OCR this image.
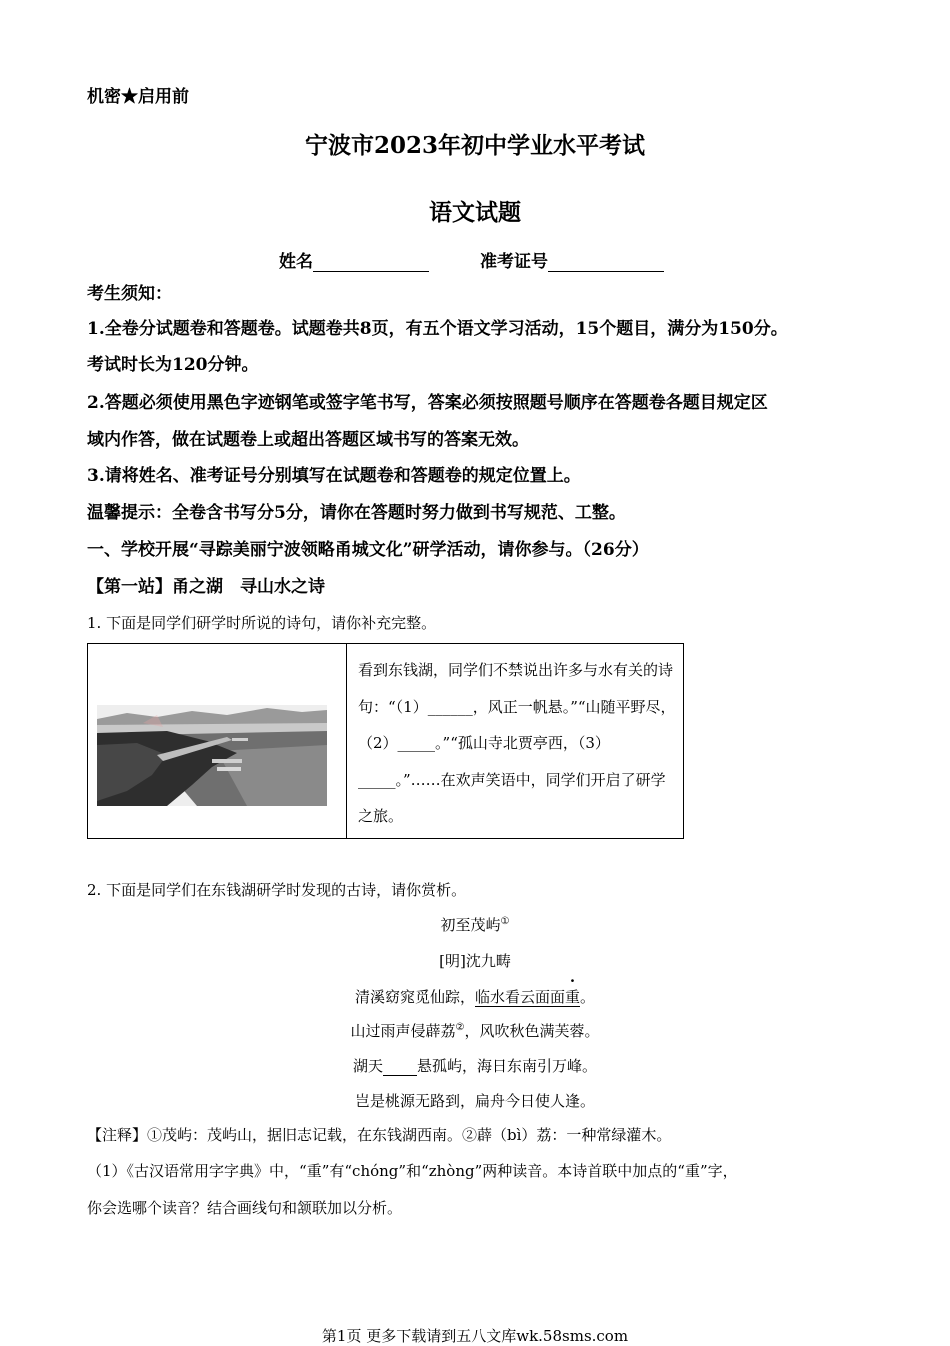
机密★启用前
宁波市2023年初中学业水平考试
语文试题
姓名	准考证号
考生须知：
1.全卷分试题卷和答题卷。试题卷共8页，有五个语文学习活动，15个题目，满分为150分。
考试时长为120分钟。
2.答题必须使用黑色字迹钢笔或签字笔书写，答案必须按照题号顺序在答题卷各题目规定区
域内作答，做在试题卷上或超出答题区域书写的答案无效。
3.请将姓名、准考证号分别填写在试题卷和答题卷的规定位置上。
温馨提示：全卷含书写分5分，请你在答题时努力做到书写规范、工整。
一、学校开展“寻踪美丽宁波领略甬城文化”研学活动，请你参与。（26分）
【第一站】甬之湖　寻山水之诗
1. 下面是同学们研学时所说的诗句，请你补充完整。
看到东钱湖，同学们不禁说出许多与水有关的诗句：“（1）______，风正一帆悬。”“山随平野尽，（2）_____。”“孤山寺北贾亭西，（3）_____。”……在欢声笑语中，同学们开启了研学之旅。
2. 下面是同学们在东钱湖研学时发现的古诗，请你赏析。
初至茂屿①
[明]沈九畴
清溪窈窕觅仙踪，临水看云面面重。
山过雨声侵薜荔②，风吹秋色满芙蓉。
湖天 悬孤屿，海日东南引万峰。
岂是桃源无路到，扁舟今日使人逢。
【注释】①茂屿：茂屿山，据旧志记载，在东钱湖西南。②薜（bì）荔：一种常绿灌木。
（1）《古汉语常用字字典》中，“重”有“chóng”和“zhòng”两种读音。本诗首联中加点的“重”字，
你会选哪个读音？结合画线句和颔联加以分析。
第1页 更多下载请到五八文库wk.58sms.com
